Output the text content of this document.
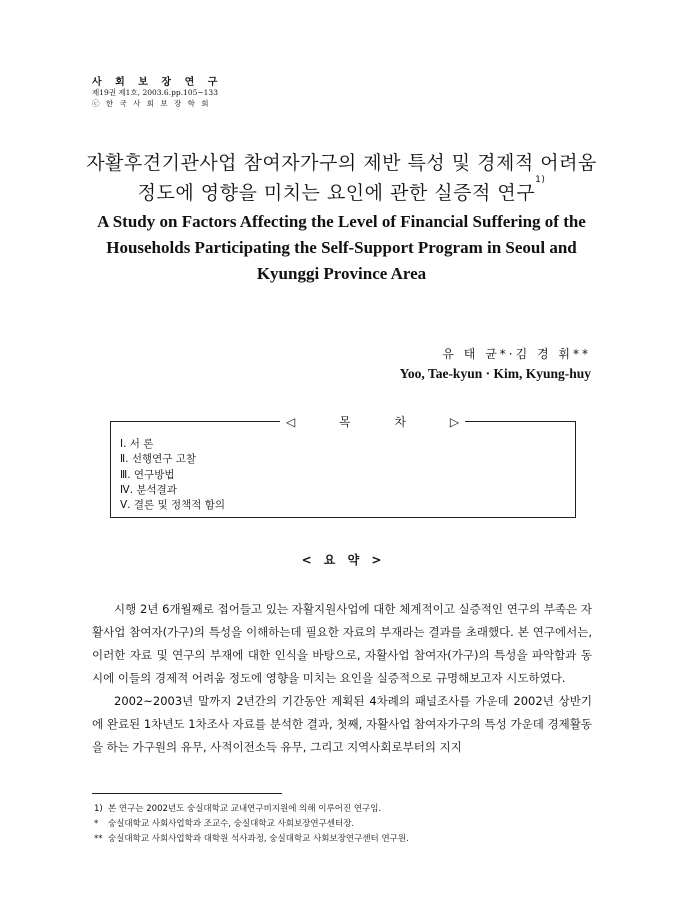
사 회 보 장 연 구
제19권 제1호, 2003.6.pp.105~133
ⓒ 한 국 사 회 보 장 학 회
자활후견기관사업 참여자가구의 제반 특성 및 경제적 어려움
정도에 영향을 미치는 요인에 관한 실증적 연구$^{1)}$
A Study on Factors Affecting the Level of Financial Suffering of the
Households Participating the Self-Support Program in Seoul and
Kyunggi Province Area
유 태 균*·김 경 휘**
Yoo, Tae-kyun · Kim, Kyung-huy
◁ 목 차 ▷
Ⅰ. 서 론
Ⅱ. 선행연구 고찰
Ⅲ. 연구방법
Ⅳ. 분석결과
Ⅴ. 결론 및 정책적 함의
< 요 약 >

시행 2년 6개월째로 접어들고 있는 자활지원사업에 대한 체계적이고 실증적인 연구의 부족은 자활사업 참여자(가구)의 특성을 이해하는데 필요한 자료의 부재라는 결과를 초래했다. 본 연구에서는, 이러한 자료 및 연구의 부재에 대한 인식을 바탕으로, 자활사업 참여자(가구)의 특성을 파악함과 동시에 이들의 경제적 어려움 정도에 영향을 미치는 요인을 실증적으로 규명해보고자 시도하였다.

2002~2003년 말까지 2년간의 기간동안 계획된 4차례의 패널조사를 가운데 2002년 상반기에 완료된 1차년도 1차조사 자료를 분석한 결과, 첫째, 자활사업 참여자가구의 특성 가운데 경제활동을 하는 가구원의 유무, 사적이전소득 유무, 그리고 지역사회로부터의 지지

1) 본 연구는 2002년도 숭실대학교 교내연구비지원에 의해 이루어진 연구임.
* 숭실대학교 사회사업학과 조교수, 숭실대학교 사회보장연구센터장.
** 숭실대학교 사회사업학과 대학원 석사과정, 숭실대학교 사회보장연구센터 연구원.
